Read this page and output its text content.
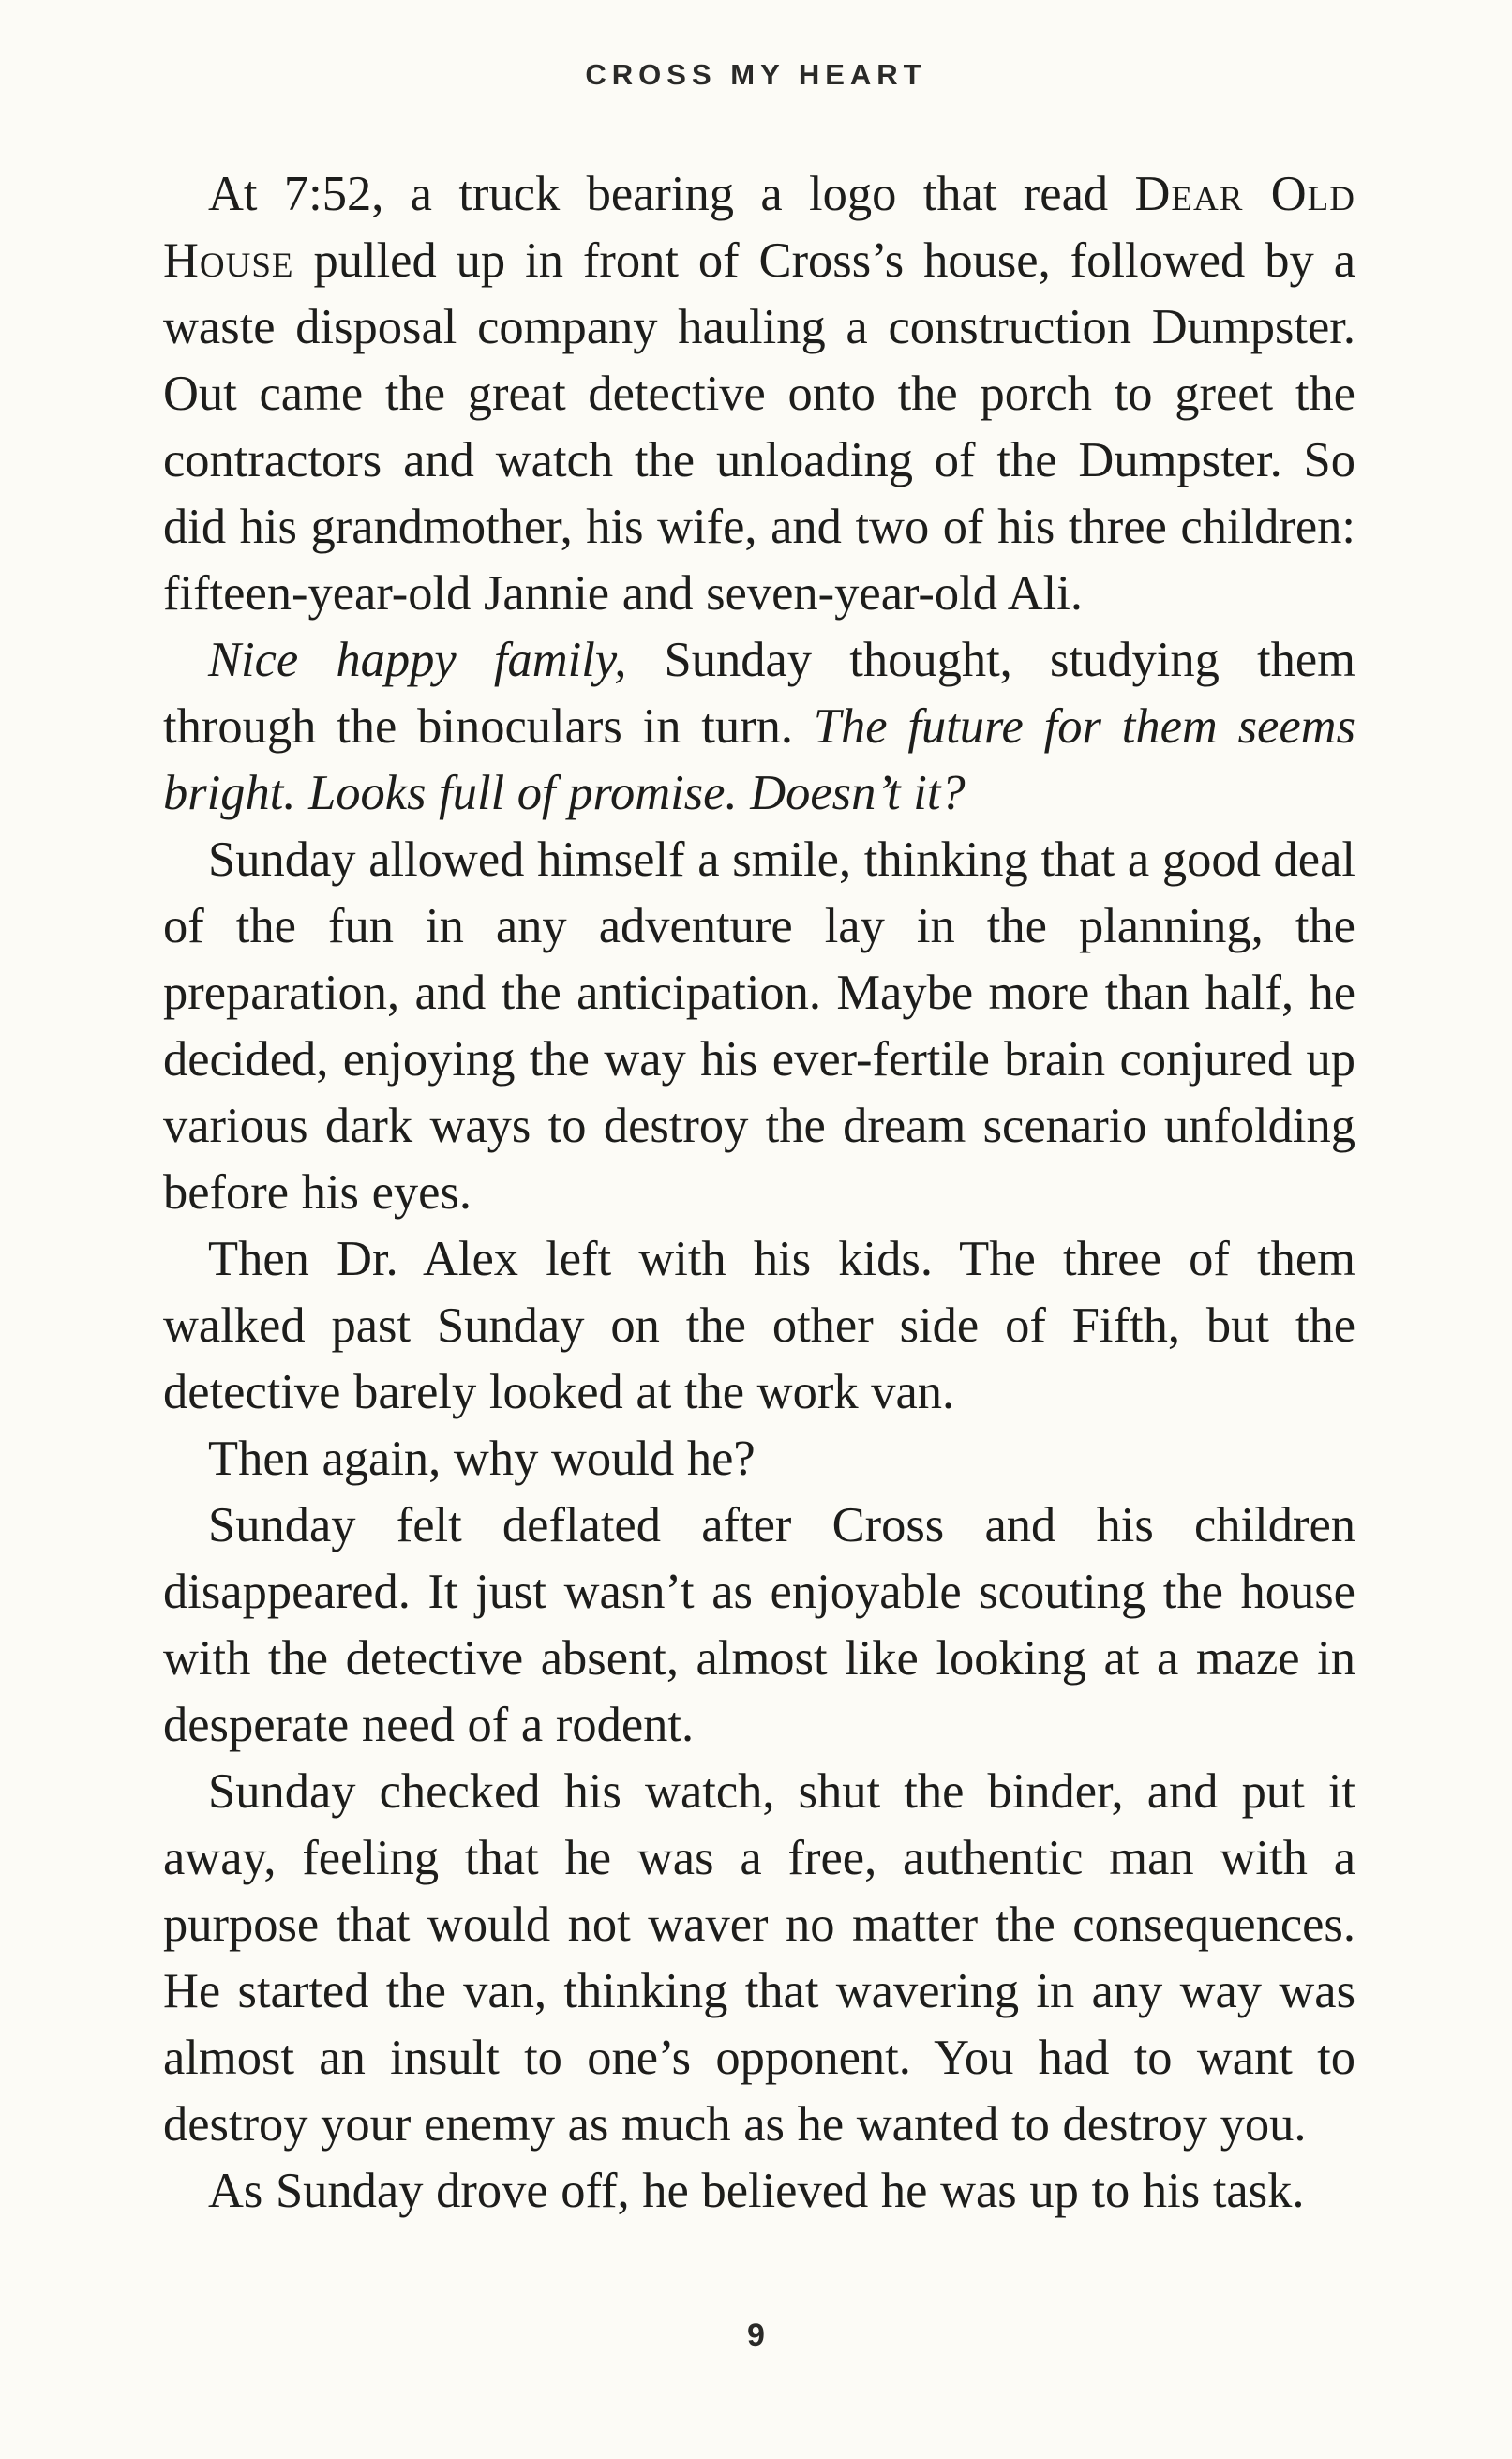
CROSS MY HEART

At 7:52, a truck bearing a logo that read Dear Old House pulled up in front of Cross’s house, followed by a waste disposal company hauling a construction Dumpster. Out came the great detective onto the porch to greet the contractors and watch the unloading of the Dumpster. So did his grandmother, his wife, and two of his three children: fifteen-year-old Jannie and seven-year-old Ali.

Nice happy family, Sunday thought, studying them through the binoculars in turn. The future for them seems bright. Looks full of promise. Doesn’t it?

Sunday allowed himself a smile, thinking that a good deal of the fun in any adventure lay in the planning, the preparation, and the anticipation. Maybe more than half, he decided, enjoying the way his ever-fertile brain conjured up various dark ways to destroy the dream scenario unfolding before his eyes.

Then Dr. Alex left with his kids. The three of them walked past Sunday on the other side of Fifth, but the detective barely looked at the work van.

Then again, why would he?

Sunday felt deflated after Cross and his children disappeared. It just wasn’t as enjoyable scouting the house with the detective absent, almost like looking at a maze in desperate need of a rodent.

Sunday checked his watch, shut the binder, and put it away, feeling that he was a free, authentic man with a purpose that would not waver no matter the consequences. He started the van, thinking that wavering in any way was almost an insult to one’s opponent. You had to want to destroy your enemy as much as he wanted to destroy you.

As Sunday drove off, he believed he was up to his task.

9
